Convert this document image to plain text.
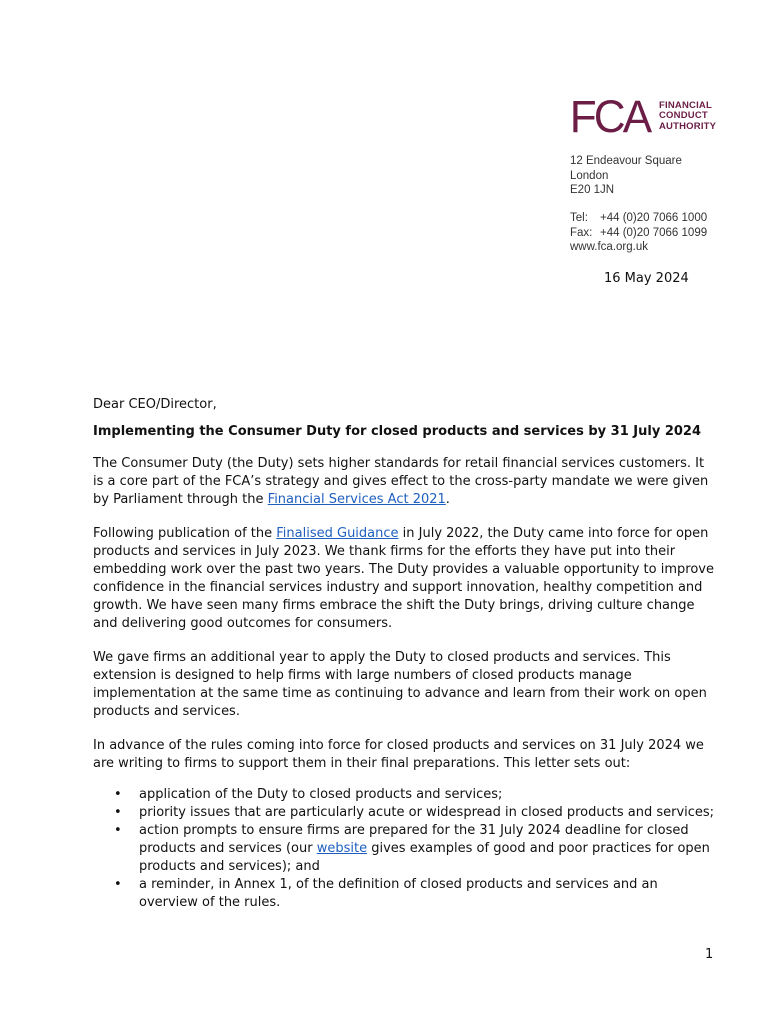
FCA FINANCIAL
CONDUCT
AUTHORITY
12 Endeavour Square
London
E20 1JN
Tel: +44 (0)20 7066 1000
Fax: +44 (0)20 7066 1099
www.fca.org.uk
16 May 2024

Dear CEO/Director,

Implementing the Consumer Duty for closed products and services by 31 July 2024

The Consumer Duty (the Duty) sets higher standards for retail financial services customers. It is a core part of the FCA’s strategy and gives effect to the cross-party mandate we were given by Parliament through the Financial Services Act 2021.

Following publication of the Finalised Guidance in July 2022, the Duty came into force for open products and services in July 2023. We thank firms for the efforts they have put into their embedding work over the past two years. The Duty provides a valuable opportunity to improve confidence in the financial services industry and support innovation, healthy competition and growth. We have seen many firms embrace the shift the Duty brings, driving culture change and delivering good outcomes for consumers.

We gave firms an additional year to apply the Duty to closed products and services. This extension is designed to help firms with large numbers of closed products manage implementation at the same time as continuing to advance and learn from their work on open products and services.

In advance of the rules coming into force for closed products and services on 31 July 2024 we are writing to firms to support them in their final preparations. This letter sets out:

• application of the Duty to closed products and services;
• priority issues that are particularly acute or widespread in closed products and services;
• action prompts to ensure firms are prepared for the 31 July 2024 deadline for closed products and services (our website gives examples of good and poor practices for open products and services); and
• a reminder, in Annex 1, of the definition of closed products and services and an overview of the rules.
1
